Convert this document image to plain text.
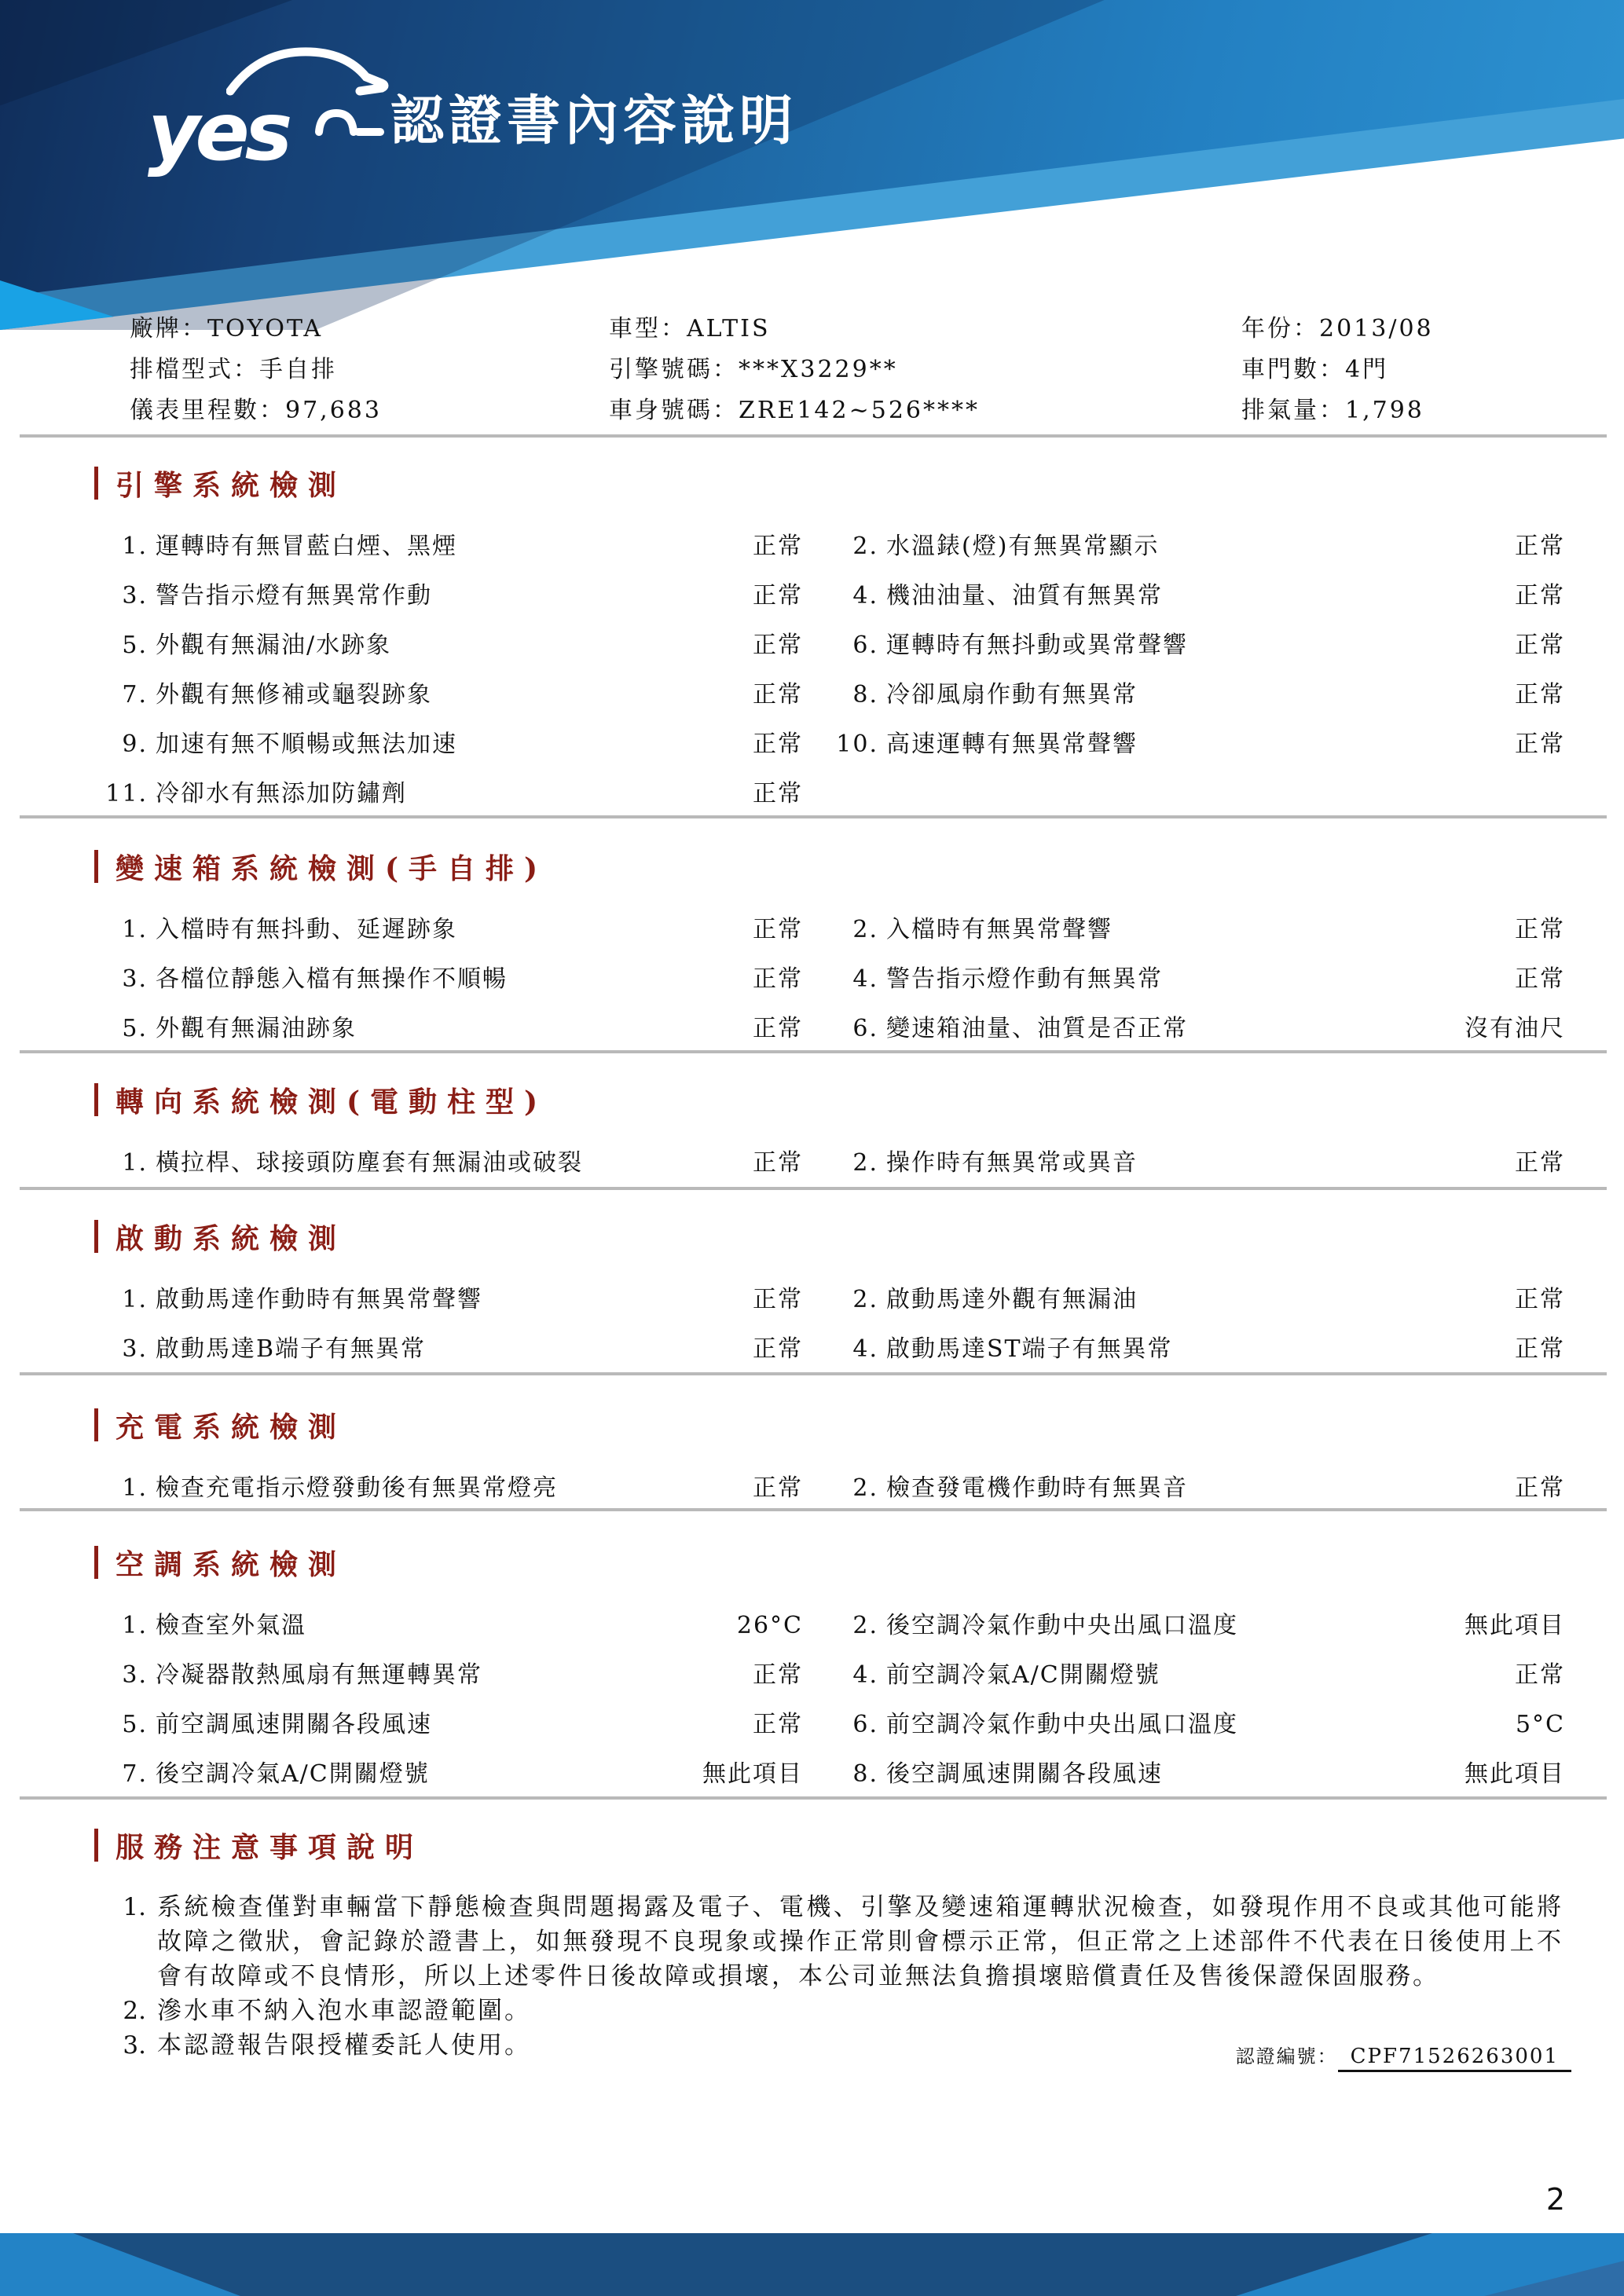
yes 認證書內容說明
廠牌：TOYOTA
排檔型式：手自排
儀表里程數：97,683
車型：ALTIS
引擎號碼：***X3229**
車身號碼：ZRE142~526****
年份：2013/08
車門數：4門
排氣量：1,798
引擎系統檢測
1. 運轉時有無冒藍白煙、黑煙	正常	2. 水溫錶(燈)有無異常顯示	正常
3. 警告指示燈有無異常作動	正常	4. 機油油量、油質有無異常	正常
5. 外觀有無漏油/水跡象	正常	6. 運轉時有無抖動或異常聲響	正常
7. 外觀有無修補或龜裂跡象	正常	8. 冷卻風扇作動有無異常	正常
9. 加速有無不順暢或無法加速	正常 10. 高速運轉有無異常聲響	正常
11. 冷卻水有無添加防鏽劑	正常
變速箱系統檢測(手自排)
1. 入檔時有無抖動、延遲跡象	正常	2. 入檔時有無異常聲響	正常
3. 各檔位靜態入檔有無操作不順暢	正常	4. 警告指示燈作動有無異常	正常
5. 外觀有無漏油跡象	正常	6. 變速箱油量、油質是否正常	沒有油尺
轉向系統檢測(電動柱型)
1. 橫拉桿、球接頭防塵套有無漏油或破裂	正常	2. 操作時有無異常或異音	正常
啟動系統檢測
1. 啟動馬達作動時有無異常聲響	正常	2. 啟動馬達外觀有無漏油	正常
3. 啟動馬達B端子有無異常	正常	4. 啟動馬達ST端子有無異常	正常
充電系統檢測
1. 檢查充電指示燈發動後有無異常燈亮	正常	2. 檢查發電機作動時有無異音	正常
空調系統檢測
1. 檢查室外氣溫	26°C	2. 後空調冷氣作動中央出風口溫度	無此項目
3. 冷凝器散熱風扇有無運轉異常	正常	4. 前空調冷氣A/C開關燈號	正常
5. 前空調風速開關各段風速	正常	6. 前空調冷氣作動中央出風口溫度	5°C
7. 後空調冷氣A/C開關燈號	無此項目	8. 後空調風速開關各段風速	無此項目
服務注意事項說明
1. 系統檢查僅對車輛當下靜態檢查與問題揭露及電子、電機、引擎及變速箱運轉狀況檢查，如發現作用不良或其他可能將故障之徵狀，會記錄於證書上，如無發現不良現象或操作正常則會標示正常，但正常之上述部件不代表在日後使用上不會有故障或不良情形，所以上述零件日後故障或損壞，本公司並無法負擔損壞賠償責任及售後保證保固服務。
2. 滲水車不納入泡水車認證範圍。
3. 本認證報告限授權委託人使用。	認證編號： CPF71526263001
2
